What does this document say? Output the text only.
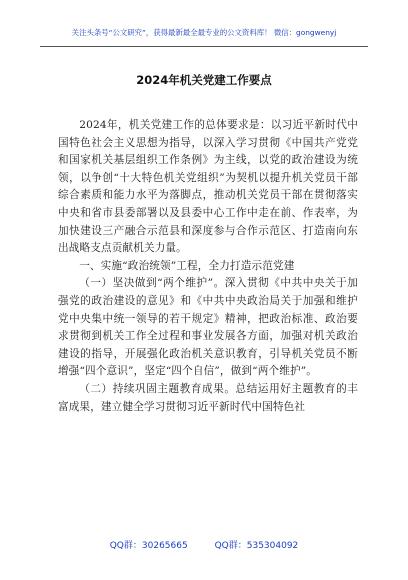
关注头条号“公文研究”，获得最新最全最专业的公文资料库！ 微信：gongwenyj
2024年机关党建工作要点

2024年，机关党建工作的总体要求是：以习近平新时代中国特色社会主义思想为指导，以深入学习贯彻《中国共产党党和国家机关基层组织工作条例》为主线，以党的政治建设为统领，以争创“十大特色机关党组织”为契机以提升机关党员干部综合素质和能力水平为落脚点，推动机关党员干部在贯彻落实中央和省市县委部署以及县委中心工作中走在前、作表率，为加快建设三产融合示范县和深度参与合作示范区、打造南向东出战略支点贡献机关力量。

一、实施“政治统领”工程，全力打造示范党建

（一）坚决做到“两个维护”。深入贯彻《中共中央关于加强党的政治建设的意见》和《中共中央政治局关于加强和维护党中央集中统一领导的若干规定》精神，把政治标准、政治要求贯彻到机关工作全过程和事业发展各方面，加强对机关政治建设的指导，开展强化政治机关意识教育，引导机关党员不断增强“四个意识”，坚定“四个自信”，做到“两个维护”。

（二）持续巩固主题教育成果。总结运用好主题教育的丰富成果，建立健全学习贯彻习近平新时代中国特色社

QQ群：30265665	QQ群：535304092
